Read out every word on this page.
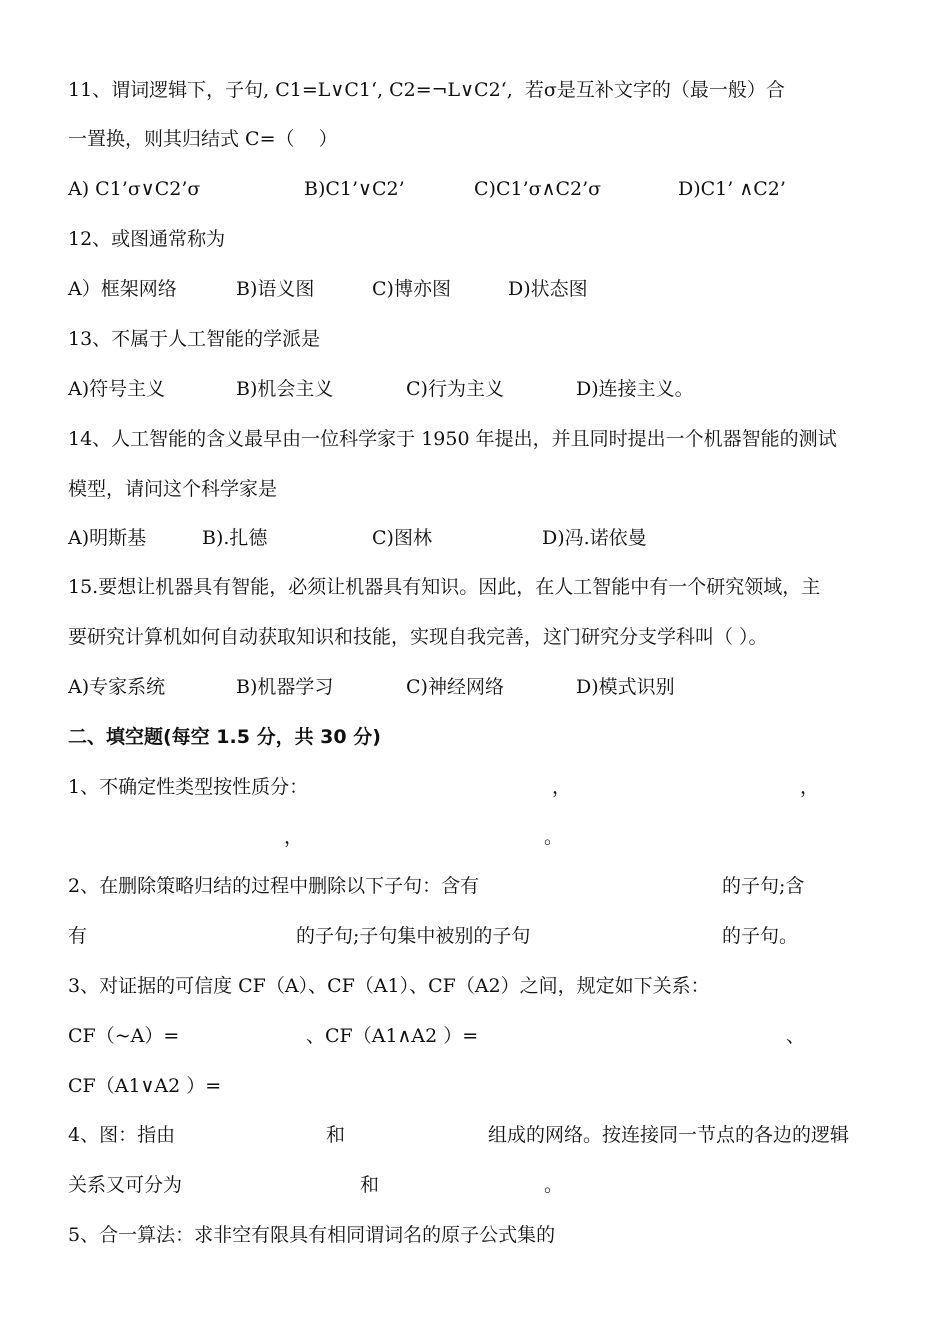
11、谓词逻辑下，子句, C1=L∨C1‘, C2=¬L∨C2‘,  若σ是互补文字的（最一般）合
一置换，则其归结式 C=（    ）
A) C1’σ∨C2’σ	B)C1’∨C2’	C)C1’σ∧C2’σ	D)C1’ ∧C2’
12、或图通常称为
A）框架网络	B)语义图	C)博亦图	D)状态图
13、不属于人工智能的学派是
A)符号主义	B)机会主义	C)行为主义	D)连接主义。
14、人工智能的含义最早由一位科学家于 1950 年提出，并且同时提出一个机器智能的测试
模型，请问这个科学家是
A)明斯基	B).扎德	C)图林	D)冯.诺依曼
15.要想让机器具有智能，必须让机器具有知识。因此，在人工智能中有一个研究领域，主
要研究计算机如何自动获取知识和技能，实现自我完善，这门研究分支学科叫（ ）。
A)专家系统	B)机器学习	C)神经网络	D)模式识别
二、填空题(每空 1.5 分，共 30 分)
1、不确定性类型按性质分：	，	，
，	。
2、在删除策略归结的过程中删除以下子句：含有	的子句;含
有	的子句;子句集中被别的子句	的子句。
3、对证据的可信度 CF（A）、CF（A1）、CF（A2）之间，规定如下关系：
CF（~A）=	、CF（A1∧A2 ）=	、
CF（A1∨A2 ）=
4、图：指由	和	组成的网络。按连接同一节点的各边的逻辑
关系又可分为	和	。
5、合一算法：求非空有限具有相同谓词名的原子公式集的
